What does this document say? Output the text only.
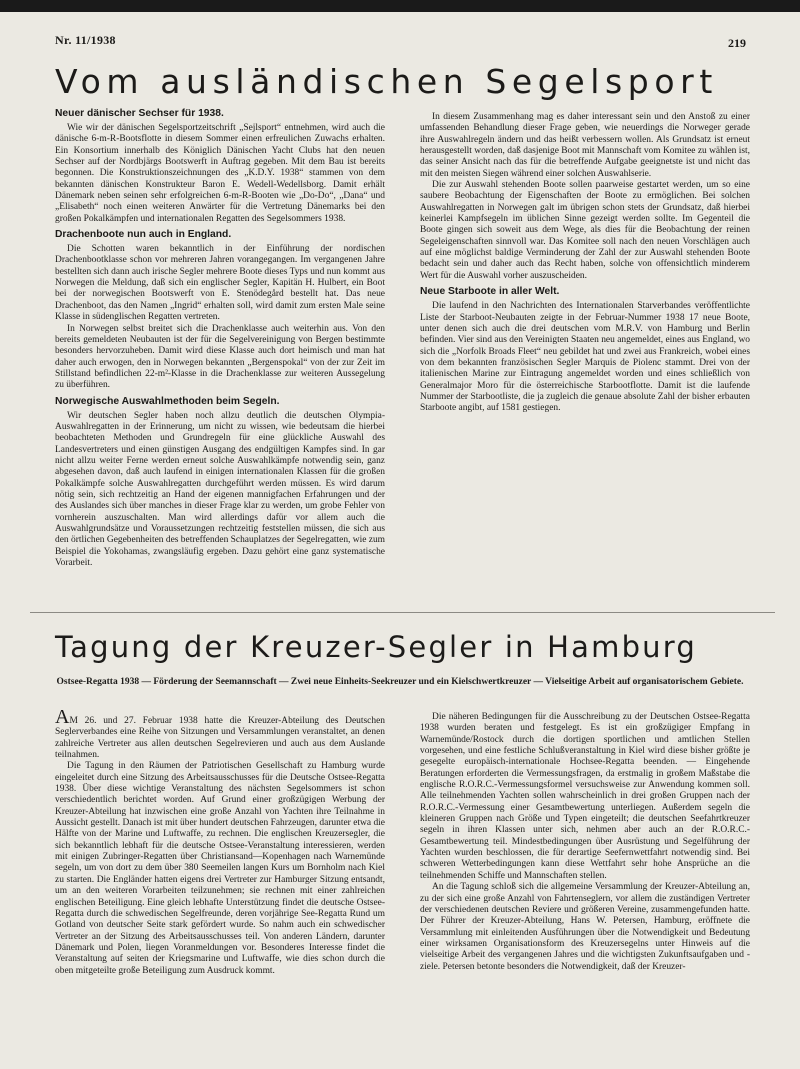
Nr. 11/1938	219
Vom ausländischen Segelsport
Neuer dänischer Sechser für 1938.

Wie wir der dänischen Segelsportzeitschrift „Sejlsport“ entnehmen, wird auch die dänische 6-m-R-Bootsflotte in diesem Sommer einen erfreulichen Zuwachs erhalten. Ein Konsortium innerhalb des Königlich Dänischen Yacht Clubs hat den neuen Sechser auf der Nordbjärgs Bootswerft in Auftrag gegeben. Mit dem Bau ist bereits begonnen. Die Konstruktionszeichnungen des „K.D.Y. 1938“ stammen von dem bekannten dänischen Konstrukteur Baron E. Wedell-Wedellsborg. Damit erhält Dänemark neben seinen sehr erfolgreichen 6-m-R-Booten wie „Do-Do“, „Dana“ und „Elisabeth“ noch einen weiteren Anwärter für die Vertretung Dänemarks bei den großen Pokalkämpfen und internationalen Regatten des Segelsommers 1938.

Drachenboote nun auch in England.

Die Schotten waren bekanntlich in der Einführung der nordischen Drachenbootklasse schon vor mehreren Jahren vorangegangen. Im vergangenen Jahre bestellten sich dann auch irische Segler mehrere Boote dieses Typs und nun kommt aus Norwegen die Meldung, daß sich ein englischer Segler, Kapitän H. Hulbert, ein Boot bei der norwegischen Bootswerft von E. Stenödegård bestellt hat. Das neue Drachenboot, das den Namen „Ingrid“ erhalten soll, wird damit zum ersten Male seine Klasse in südenglischen Regatten vertreten.

In Norwegen selbst breitet sich die Drachenklasse auch weiterhin aus. Von den bereits gemeldeten Neubauten ist der für die Segelvereinigung von Bergen bestimmte besonders hervorzuheben. Damit wird diese Klasse auch dort heimisch und man hat daher auch erwogen, den in Norwegen bekannten „Bergenspokal“ von der zur Zeit im Stillstand befindlichen 22-m²-Klasse in die Drachenklasse zur weiteren Aussegelung zu überführen.

Norwegische Auswahlmethoden beim Segeln.

Wir deutschen Segler haben noch allzu deutlich die deutschen Olympia-Auswahlregatten in der Erinnerung, um nicht zu wissen, wie bedeutsam die hierbei beobachteten Methoden und Grundregeln für eine glückliche Auswahl des Landesvertreters und einen günstigen Ausgang des endgültigen Kampfes sind. In gar nicht allzu weiter Ferne werden erneut solche Auswahlkämpfe notwendig sein, ganz abgesehen davon, daß auch laufend in einigen internationalen Klassen für die großen Pokalkämpfe solche Auswahlregatten durchgeführt werden müssen. Es wird darum nötig sein, sich rechtzeitig an Hand der eigenen mannigfachen Erfahrungen und der des Auslandes sich über manches in dieser Frage klar zu werden, um grobe Fehler von vornherein auszuschalten. Man wird allerdings dafür vor allem auch die Auswahlgrundsätze und Voraussetzungen rechtzeitig feststellen müssen, die sich aus den örtlichen Gegebenheiten des betreffenden Schauplatzes der Segelregatten, wie zum Beispiel die Yokohamas, zwangsläufig ergeben. Dazu gehört eine ganz systematische Vorarbeit.

In diesem Zusammenhang mag es daher interessant sein und den Anstoß zu einer umfassenden Behandlung dieser Frage geben, wie neuerdings die Norweger gerade ihre Auswahlregeln ändern und das heißt verbessern wollen. Als Grundsatz ist erneut herausgestellt worden, daß dasjenige Boot mit Mannschaft vom Komitee zu wählen ist, das seiner Ansicht nach das für die betreffende Aufgabe geeignetste ist und nicht das mit den meisten Siegen während einer solchen Auswahlserie.

Die zur Auswahl stehenden Boote sollen paarweise gestartet werden, um so eine saubere Beobachtung der Eigenschaften der Boote zu ermöglichen. Bei solchen Auswahlregatten in Norwegen galt im übrigen schon stets der Grundsatz, daß hierbei keinerlei Kampfsegeln im üblichen Sinne gezeigt werden sollte. Im Gegenteil die Boote gingen sich soweit aus dem Wege, als dies für die Beobachtung der reinen Segeleigenschaften sinnvoll war. Das Komitee soll nach den neuen Vorschlägen auch auf eine möglichst baldige Verminderung der Zahl der zur Auswahl stehenden Boote bedacht sein und daher auch das Recht haben, solche von offensichtlich minderem Wert für die Auswahl vorher auszuscheiden.

Neue Starboote in aller Welt.

Die laufend in den Nachrichten des Internationalen Starverbandes veröffentlichte Liste der Starboot-Neubauten zeigte in der Februar-Nummer 1938 17 neue Boote, unter denen sich auch die drei deutschen vom M.R.V. von Hamburg und Berlin befinden. Vier sind aus den Vereinigten Staaten neu angemeldet, eines aus England, wo sich die „Norfolk Broads Fleet“ neu gebildet hat und zwei aus Frankreich, wobei eines von dem bekannten französischen Segler Marquis de Piolenc stammt. Drei von der italienischen Marine zur Eintragung angemeldet worden und eines schließlich von Generalmajor Moro für die österreichische Starbootflotte. Damit ist die laufende Nummer der Starbootliste, die ja zugleich die genaue absolute Zahl der bisher erbauten Starboote angibt, auf 1581 gestiegen.

Tagung der Kreuzer-Segler in Hamburg
Ostsee-Regatta 1938 — Förderung der Seemannschaft — Zwei neue Einheits-Seekreuzer und ein Kielschwertkreuzer — Vielseitige Arbeit auf organisatorischem Gebiete.

AM 26. und 27. Februar 1938 hatte die Kreuzer-Abteilung des Deutschen Seglerverbandes eine Reihe von Sitzungen und Versammlungen veranstaltet, an denen zahlreiche Vertreter aus allen deutschen Segelrevieren und auch aus dem Auslande teilnahmen.

Die Tagung in den Räumen der Patriotischen Gesellschaft zu Hamburg wurde eingeleitet durch eine Sitzung des Arbeitsausschusses für die Deutsche Ostsee-Regatta 1938. Über diese wichtige Veranstaltung des nächsten Segelsommers ist schon verschiedentlich berichtet worden. Auf Grund einer großzügigen Werbung der Kreuzer-Abteilung hat inzwischen eine große Anzahl von Yachten ihre Teilnahme in Aussicht gestellt. Danach ist mit über hundert deutschen Fahrzeugen, darunter etwa die Hälfte von der Marine und Luftwaffe, zu rechnen. Die englischen Kreuzersegler, die sich bekanntlich lebhaft für die deutsche Ostsee-Veranstaltung interessieren, werden mit einigen Zubringer-Regatten über Christiansand—Kopenhagen nach Warnemünde segeln, um von dort zu dem über 380 Seemeilen langen Kurs um Bornholm nach Kiel zu starten. Die Engländer hatten eigens drei Vertreter zur Hamburger Sitzung entsandt, um an den weiteren Vorarbeiten teilzunehmen; sie rechnen mit einer zahlreichen englischen Beteiligung. Eine gleich lebhafte Unterstützung findet die deutsche Ostsee-Regatta durch die schwedischen Segelfreunde, deren vorjährige See-Regatta Rund um Gotland von deutscher Seite stark gefördert wurde. So nahm auch ein schwedischer Vertreter an der Sitzung des Arbeitsausschusses teil. Von anderen Ländern, darunter Dänemark und Polen, liegen Voranmeldungen vor. Besonderes Interesse findet die Veranstaltung auf seiten der Kriegsmarine und Luftwaffe, wie dies schon durch die oben mitgeteilte große Beteiligung zum Ausdruck kommt.

Die näheren Bedingungen für die Ausschreibung zu der Deutschen Ostsee-Regatta 1938 wurden beraten und festgelegt. Es ist ein großzügiger Empfang in Warnemünde/Rostock durch die dortigen sportlichen und amtlichen Stellen vorgesehen, und eine festliche Schlußveranstaltung in Kiel wird diese bisher größte je gesegelte europäisch-internationale Hochsee-Regatta beenden. — Eingehende Beratungen erforderten die Vermessungsfragen, da erstmalig in großem Maßstabe die englische R.O.R.C.-Vermessungsformel versuchsweise zur Anwendung kommen soll. Alle teilnehmenden Yachten sollen wahrscheinlich in drei großen Gruppen nach der R.O.R.C.-Vermessung einer Gesamtbewertung unterliegen. Außerdem segeln die kleineren Gruppen nach Größe und Typen eingeteilt; die deutschen Seefahrtkreuzer segeln in ihren Klassen unter sich, nehmen aber auch an der R.O.R.C.-Gesamtbewertung teil. Mindestbedingungen über Ausrüstung und Segelführung der Yachten wurden beschlossen, die für derartige Seefernwettfahrt notwendig sind. Bei schweren Wetterbedingungen kann diese Wettfahrt sehr hohe Ansprüche an die teilnehmenden Schiffe und Mannschaften stellen.

An die Tagung schloß sich die allgemeine Versammlung der Kreuzer-Abteilung an, zu der sich eine große Anzahl von Fahrtenseglern, vor allem die zuständigen Vertreter der verschiedenen deutschen Reviere und größeren Vereine, zusammengefunden hatte. Der Führer der Kreuzer-Abteilung, Hans W. Petersen, Hamburg, eröffnete die Versammlung mit einleitenden Ausführungen über die Notwendigkeit und Bedeutung einer wirksamen Organisationsform des Kreuzersegelns unter Hinweis auf die vielseitige Arbeit des vergangenen Jahres und die wichtigsten Zukunftsaufgaben und -ziele. Petersen betonte besonders die Notwendigkeit, daß der Kreuzer-
